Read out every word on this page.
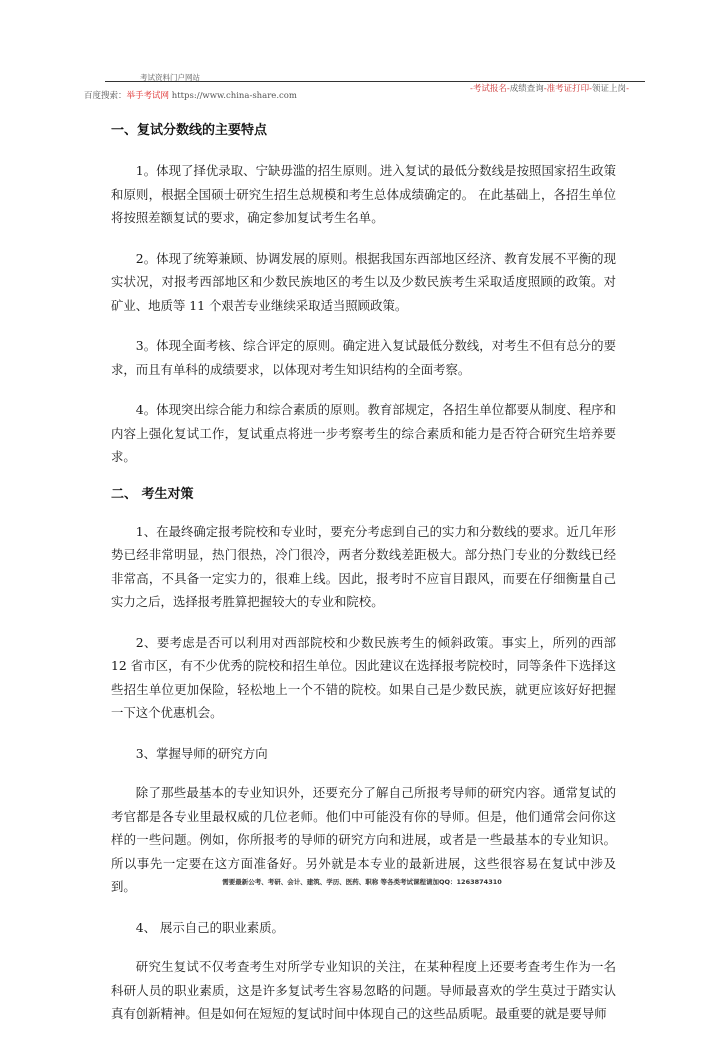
考试资料门户网站
百度搜索：举手考试网 https://www.china-share.com
-考试报名-成绩查询-准考证打印-领证上岗-
一、复试分数线的主要特点

1。体现了择优录取、宁缺毋滥的招生原则。进入复试的最低分数线是按照国家招生政策和原则，根据全国硕士研究生招生总规模和考生总体成绩确定的。 在此基础上，各招生单位将按照差额复试的要求，确定参加复试考生名单。

2。体现了统筹兼顾、协调发展的原则。根据我国东西部地区经济、教育发展不平衡的现实状况，对报考西部地区和少数民族地区的考生以及少数民族考生采取适度照顾的政策。对矿业、地质等 11 个艰苦专业继续采取适当照顾政策。

3。体现全面考核、综合评定的原则。确定进入复试最低分数线，对考生不但有总分的要求，而且有单科的成绩要求，以体现对考生知识结构的全面考察。

4。体现突出综合能力和综合素质的原则。教育部规定，各招生单位都要从制度、程序和内容上强化复试工作，复试重点将进一步考察考生的综合素质和能力是否符合研究生培养要求。

二、 考生对策

1、在最终确定报考院校和专业时，要充分考虑到自己的实力和分数线的要求。近几年形势已经非常明显，热门很热，冷门很冷，两者分数线差距极大。部分热门专业的分数线已经非常高，不具备一定实力的，很难上线。因此，报考时不应盲目跟风，而要在仔细衡量自己实力之后，选择报考胜算把握较大的专业和院校。

2、要考虑是否可以利用对西部院校和少数民族考生的倾斜政策。事实上，所列的西部 12 省市区，有不少优秀的院校和招生单位。因此建议在选择报考院校时，同等条件下选择这些招生单位更加保险，轻松地上一个不错的院校。如果自己是少数民族，就更应该好好把握一下这个优惠机会。

3、掌握导师的研究方向

除了那些最基本的专业知识外，还要充分了解自己所报考导师的研究内容。通常复试的考官都是各专业里最权威的几位老师。他们中可能没有你的导师。但是，他们通常会问你这样的一些问题。例如，你所报考的导师的研究方向和进展，或者是一些最基本的专业知识。所以事先一定要在这方面准备好。另外就是本专业的最新进展，这些很容易在复试中涉及到。

4、 展示自己的职业素质。

研究生复试不仅考查考生对所学专业知识的关注，在某种程度上还要考查考生作为一名科研人员的职业素质，这是许多复试考生容易忽略的问题。导师最喜欢的学生莫过于踏实认真有创新精神。但是如何在短短的复试时间中体现自己的这些品质呢。最重要的就是要导师

需要最新公考、考研、会计、建筑、学历、医药、职称 等各类考试课程请加QQ：1263874310
